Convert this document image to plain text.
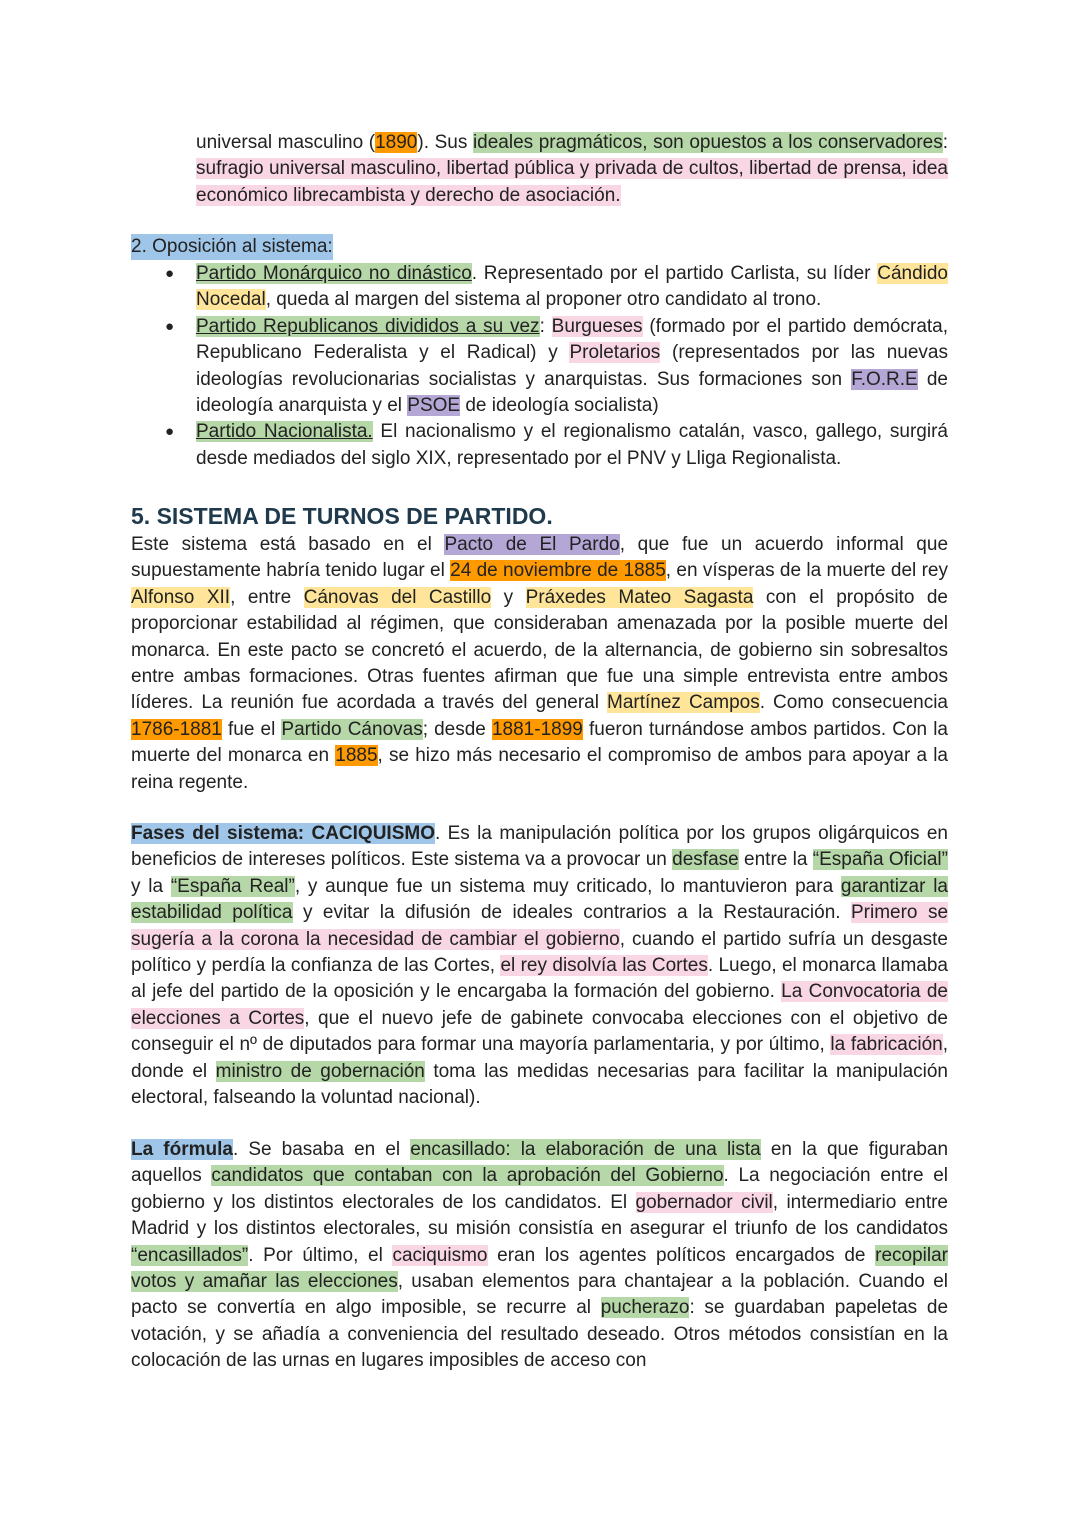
universal masculino (1890). Sus ideales pragmáticos, son opuestos a los conservadores: sufragio universal masculino, libertad pública y privada de cultos, libertad de prensa, idea económico librecambista y derecho de asociación.
2. Oposición al sistema:
● Partido Monárquico no dinástico. Representado por el partido Carlista, su líder Cándido Nocedal, queda al margen del sistema al proponer otro candidato al trono.
● Partido Republicanos divididos a su vez: Burgueses (formado por el partido demócrata, Republicano Federalista y el Radical) y Proletarios (representados por las nuevas ideologías revolucionarias socialistas y anarquistas. Sus formaciones son F.O.R.E de ideología anarquista y el PSOE de ideología socialista)
● Partido Nacionalista. El nacionalismo y el regionalismo catalán, vasco, gallego, surgirá desde mediados del siglo XIX, representado por el PNV y Lliga Regionalista.
5. SISTEMA DE TURNOS DE PARTIDO.
Este sistema está basado en el Pacto de El Pardo, que fue un acuerdo informal que supuestamente habría tenido lugar el 24 de noviembre de 1885, en vísperas de la muerte del rey Alfonso XII, entre Cánovas del Castillo y Práxedes Mateo Sagasta con el propósito de proporcionar estabilidad al régimen, que consideraban amenazada por la posible muerte del monarca. En este pacto se concretó el acuerdo, de la alternancia, de gobierno sin sobresaltos entre ambas formaciones. Otras fuentes afirman que fue una simple entrevista entre ambos líderes. La reunión fue acordada a través del general Martínez Campos. Como consecuencia 1786-1881 fue el Partido Cánovas; desde 1881-1899 fueron turnándose ambos partidos. Con la muerte del monarca en 1885, se hizo más necesario el compromiso de ambos para apoyar a la reina regente.
Fases del sistema: CACIQUISMO. Es la manipulación política por los grupos oligárquicos en beneficios de intereses políticos. Este sistema va a provocar un desfase entre la “España Oficial” y la “España Real”, y aunque fue un sistema muy criticado, lo mantuvieron para garantizar la estabilidad política y evitar la difusión de ideales contrarios a la Restauración. Primero se sugería a la corona la necesidad de cambiar el gobierno, cuando el partido sufría un desgaste político y perdía la confianza de las Cortes, el rey disolvía las Cortes. Luego, el monarca llamaba al jefe del partido de la oposición y le encargaba la formación del gobierno. La Convocatoria de elecciones a Cortes, que el nuevo jefe de gabinete convocaba elecciones con el objetivo de conseguir el nº de diputados para formar una mayoría parlamentaria, y por último, la fabricación, donde el ministro de gobernación toma las medidas necesarias para facilitar la manipulación electoral, falseando la voluntad nacional).
La fórmula. Se basaba en el encasillado: la elaboración de una lista en la que figuraban aquellos candidatos que contaban con la aprobación del Gobierno. La negociación entre el gobierno y los distintos electorales de los candidatos. El gobernador civil, intermediario entre Madrid y los distintos electorales, su misión consistía en asegurar el triunfo de los candidatos “encasillados”. Por último, el caciquismo eran los agentes políticos encargados de recopilar votos y amañar las elecciones, usaban elementos para chantajear a la población. Cuando el pacto se convertía en algo imposible, se recurre al pucherazo: se guardaban papeletas de votación, y se añadía a conveniencia del resultado deseado. Otros métodos consistían en la colocación de las urnas en lugares imposibles de acceso con
